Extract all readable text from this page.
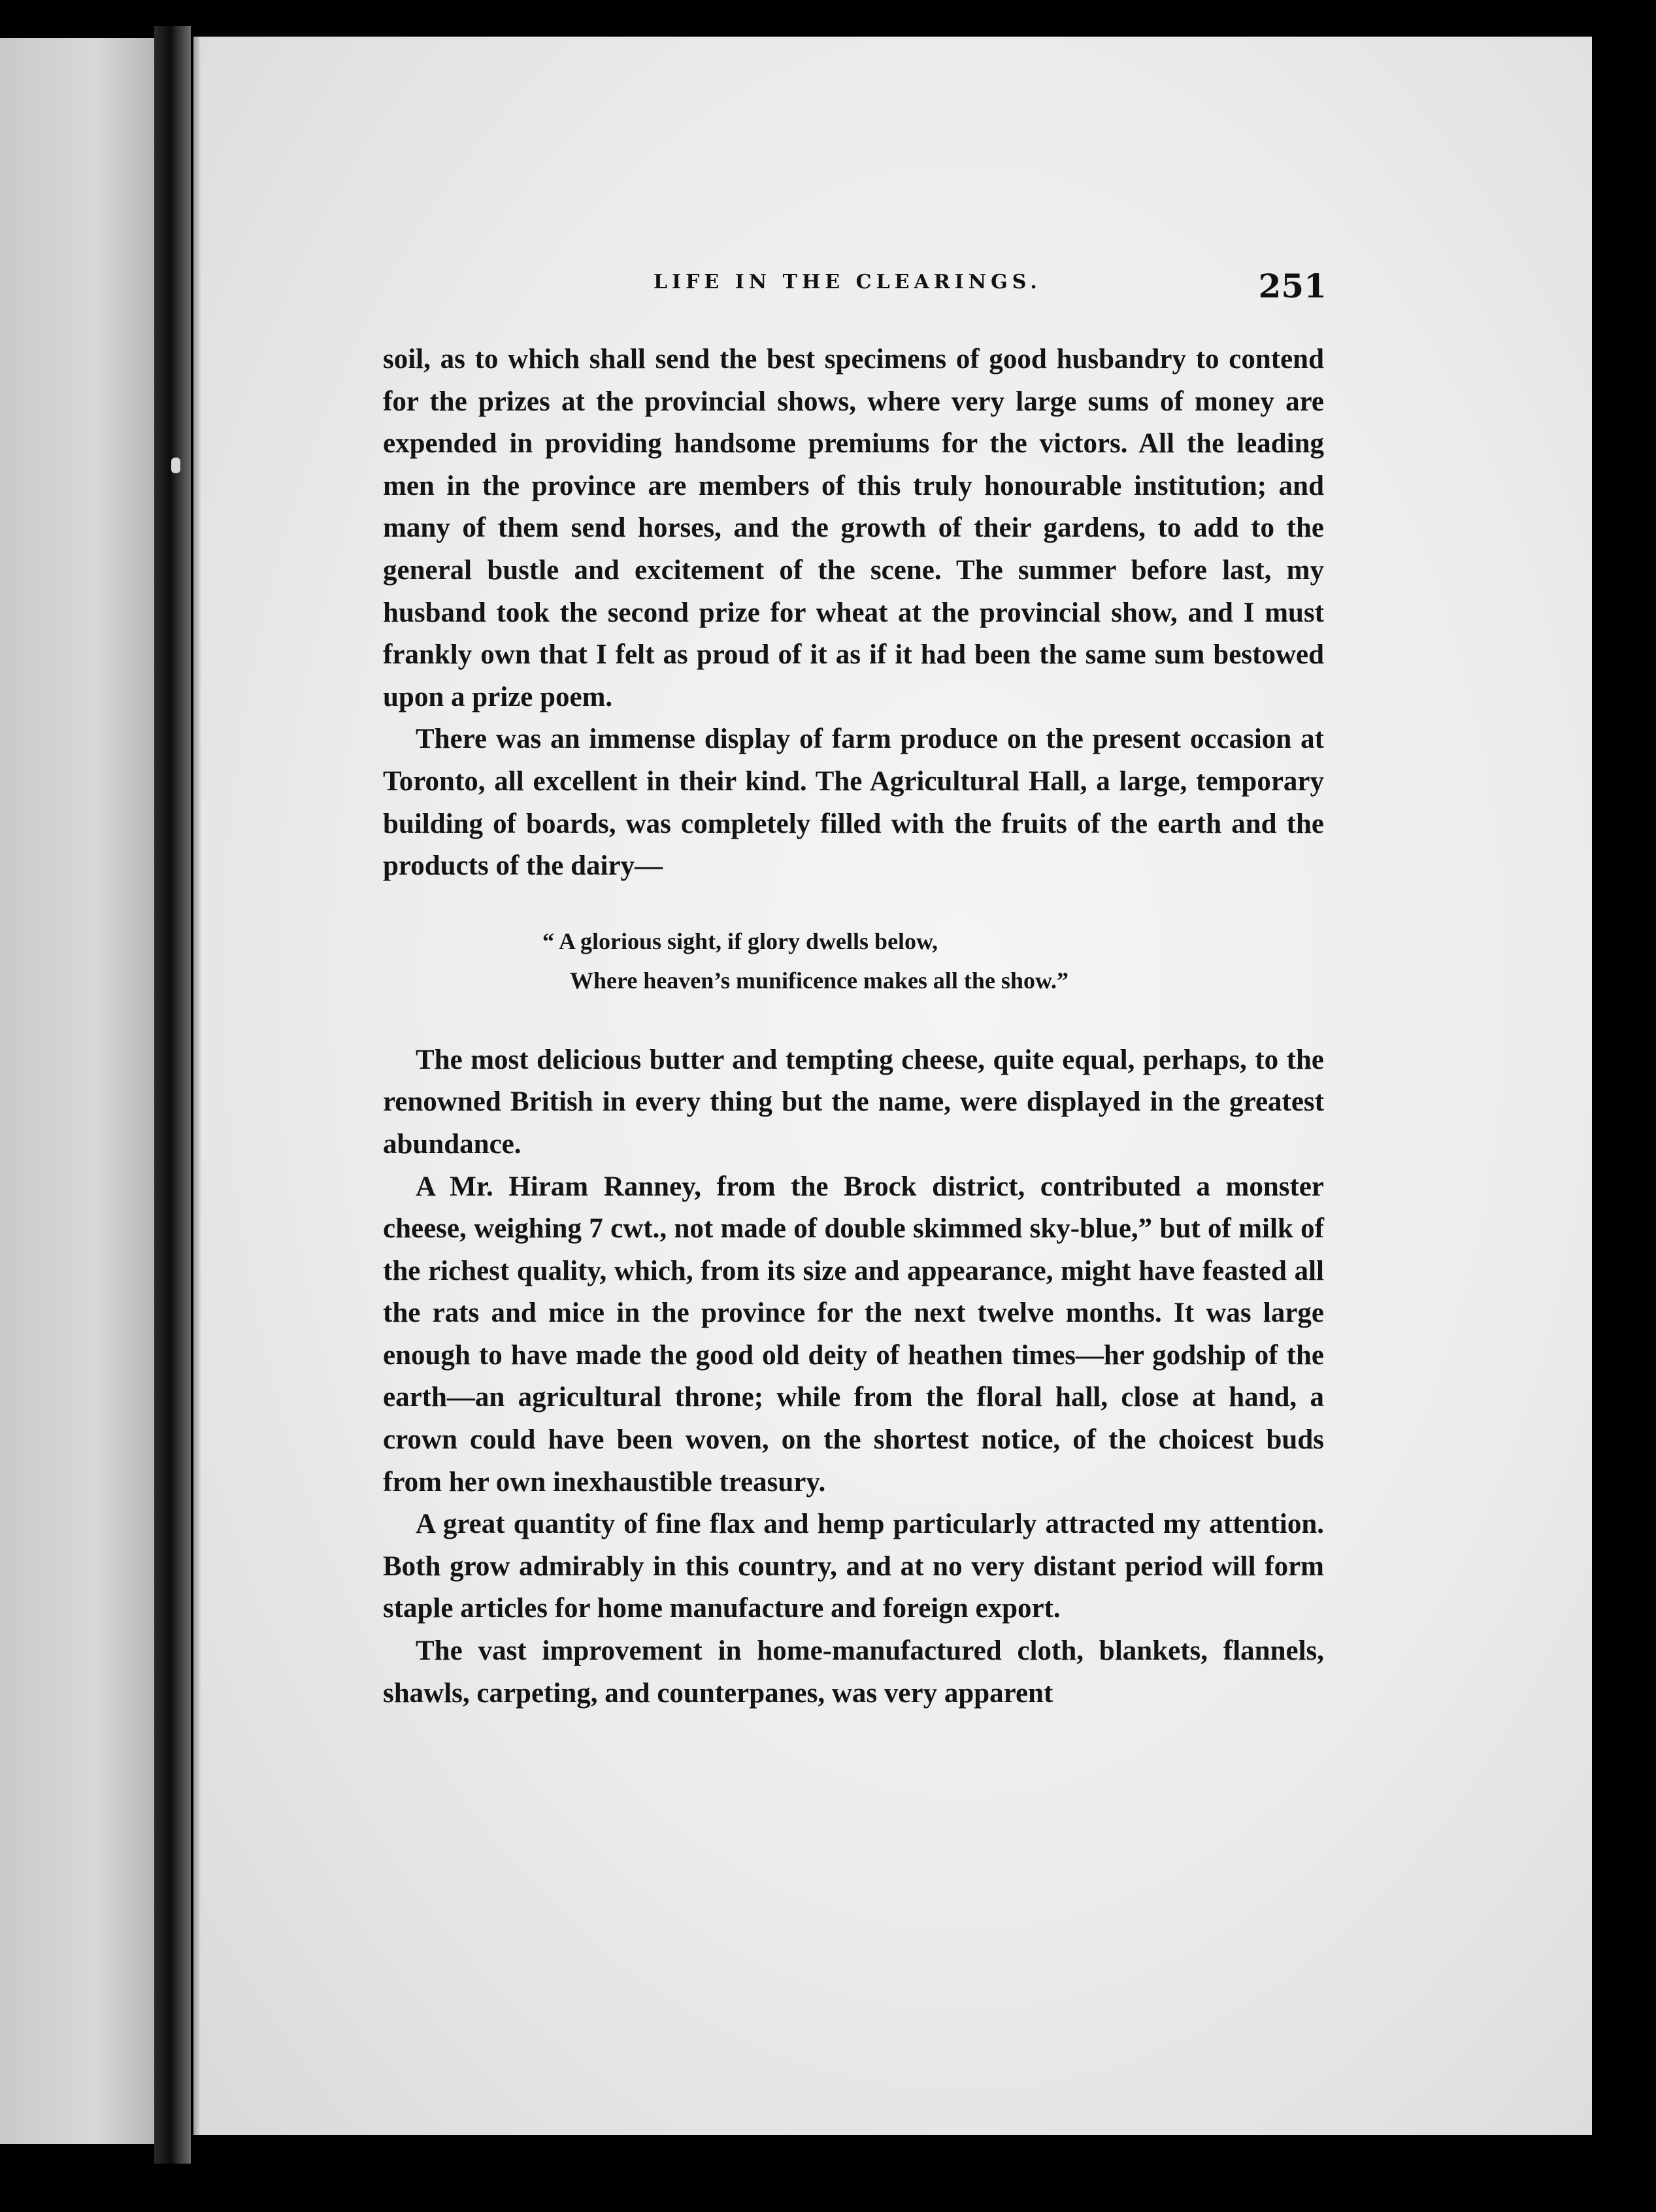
LIFE IN THE CLEARINGS.	251

soil, as to which shall send the best specimens of good husbandry to contend for the prizes at the provincial shows, where very large sums of money are expended in providing handsome premiums for the victors. All the leading men in the province are members of this truly honourable institution; and many of them send horses, and the growth of their gardens, to add to the general bustle and excitement of the scene. The summer before last, my husband took the second prize for wheat at the provincial show, and I must frankly own that I felt as proud of it as if it had been the same sum bestowed upon a prize poem.

There was an immense display of farm produce on the present occasion at Toronto, all excellent in their kind. The Agricultural Hall, a large, temporary building of boards, was completely filled with the fruits of the earth and the products of the dairy—

“ A glorious sight, if glory dwells below,
Where heaven’s munificence makes all the show.”

The most delicious butter and tempting cheese, quite equal, perhaps, to the renowned British in every thing but the name, were displayed in the greatest abundance.

A Mr. Hiram Ranney, from the Brock district, contributed a monster cheese, weighing 7 cwt., not made of double skimmed sky-blue,” but of milk of the richest quality, which, from its size and appearance, might have feasted all the rats and mice in the province for the next twelve months. It was large enough to have made the good old deity of heathen times—her godship of the earth—an agricultural throne; while from the floral hall, close at hand, a crown could have been woven, on the shortest notice, of the choicest buds from her own inexhaustible treasury.

A great quantity of fine flax and hemp particularly attracted my attention. Both grow admirably in this country, and at no very distant period will form staple articles for home manufacture and foreign export.

The vast improvement in home-manufactured cloth, blankets, flannels, shawls, carpeting, and counterpanes, was very apparent
